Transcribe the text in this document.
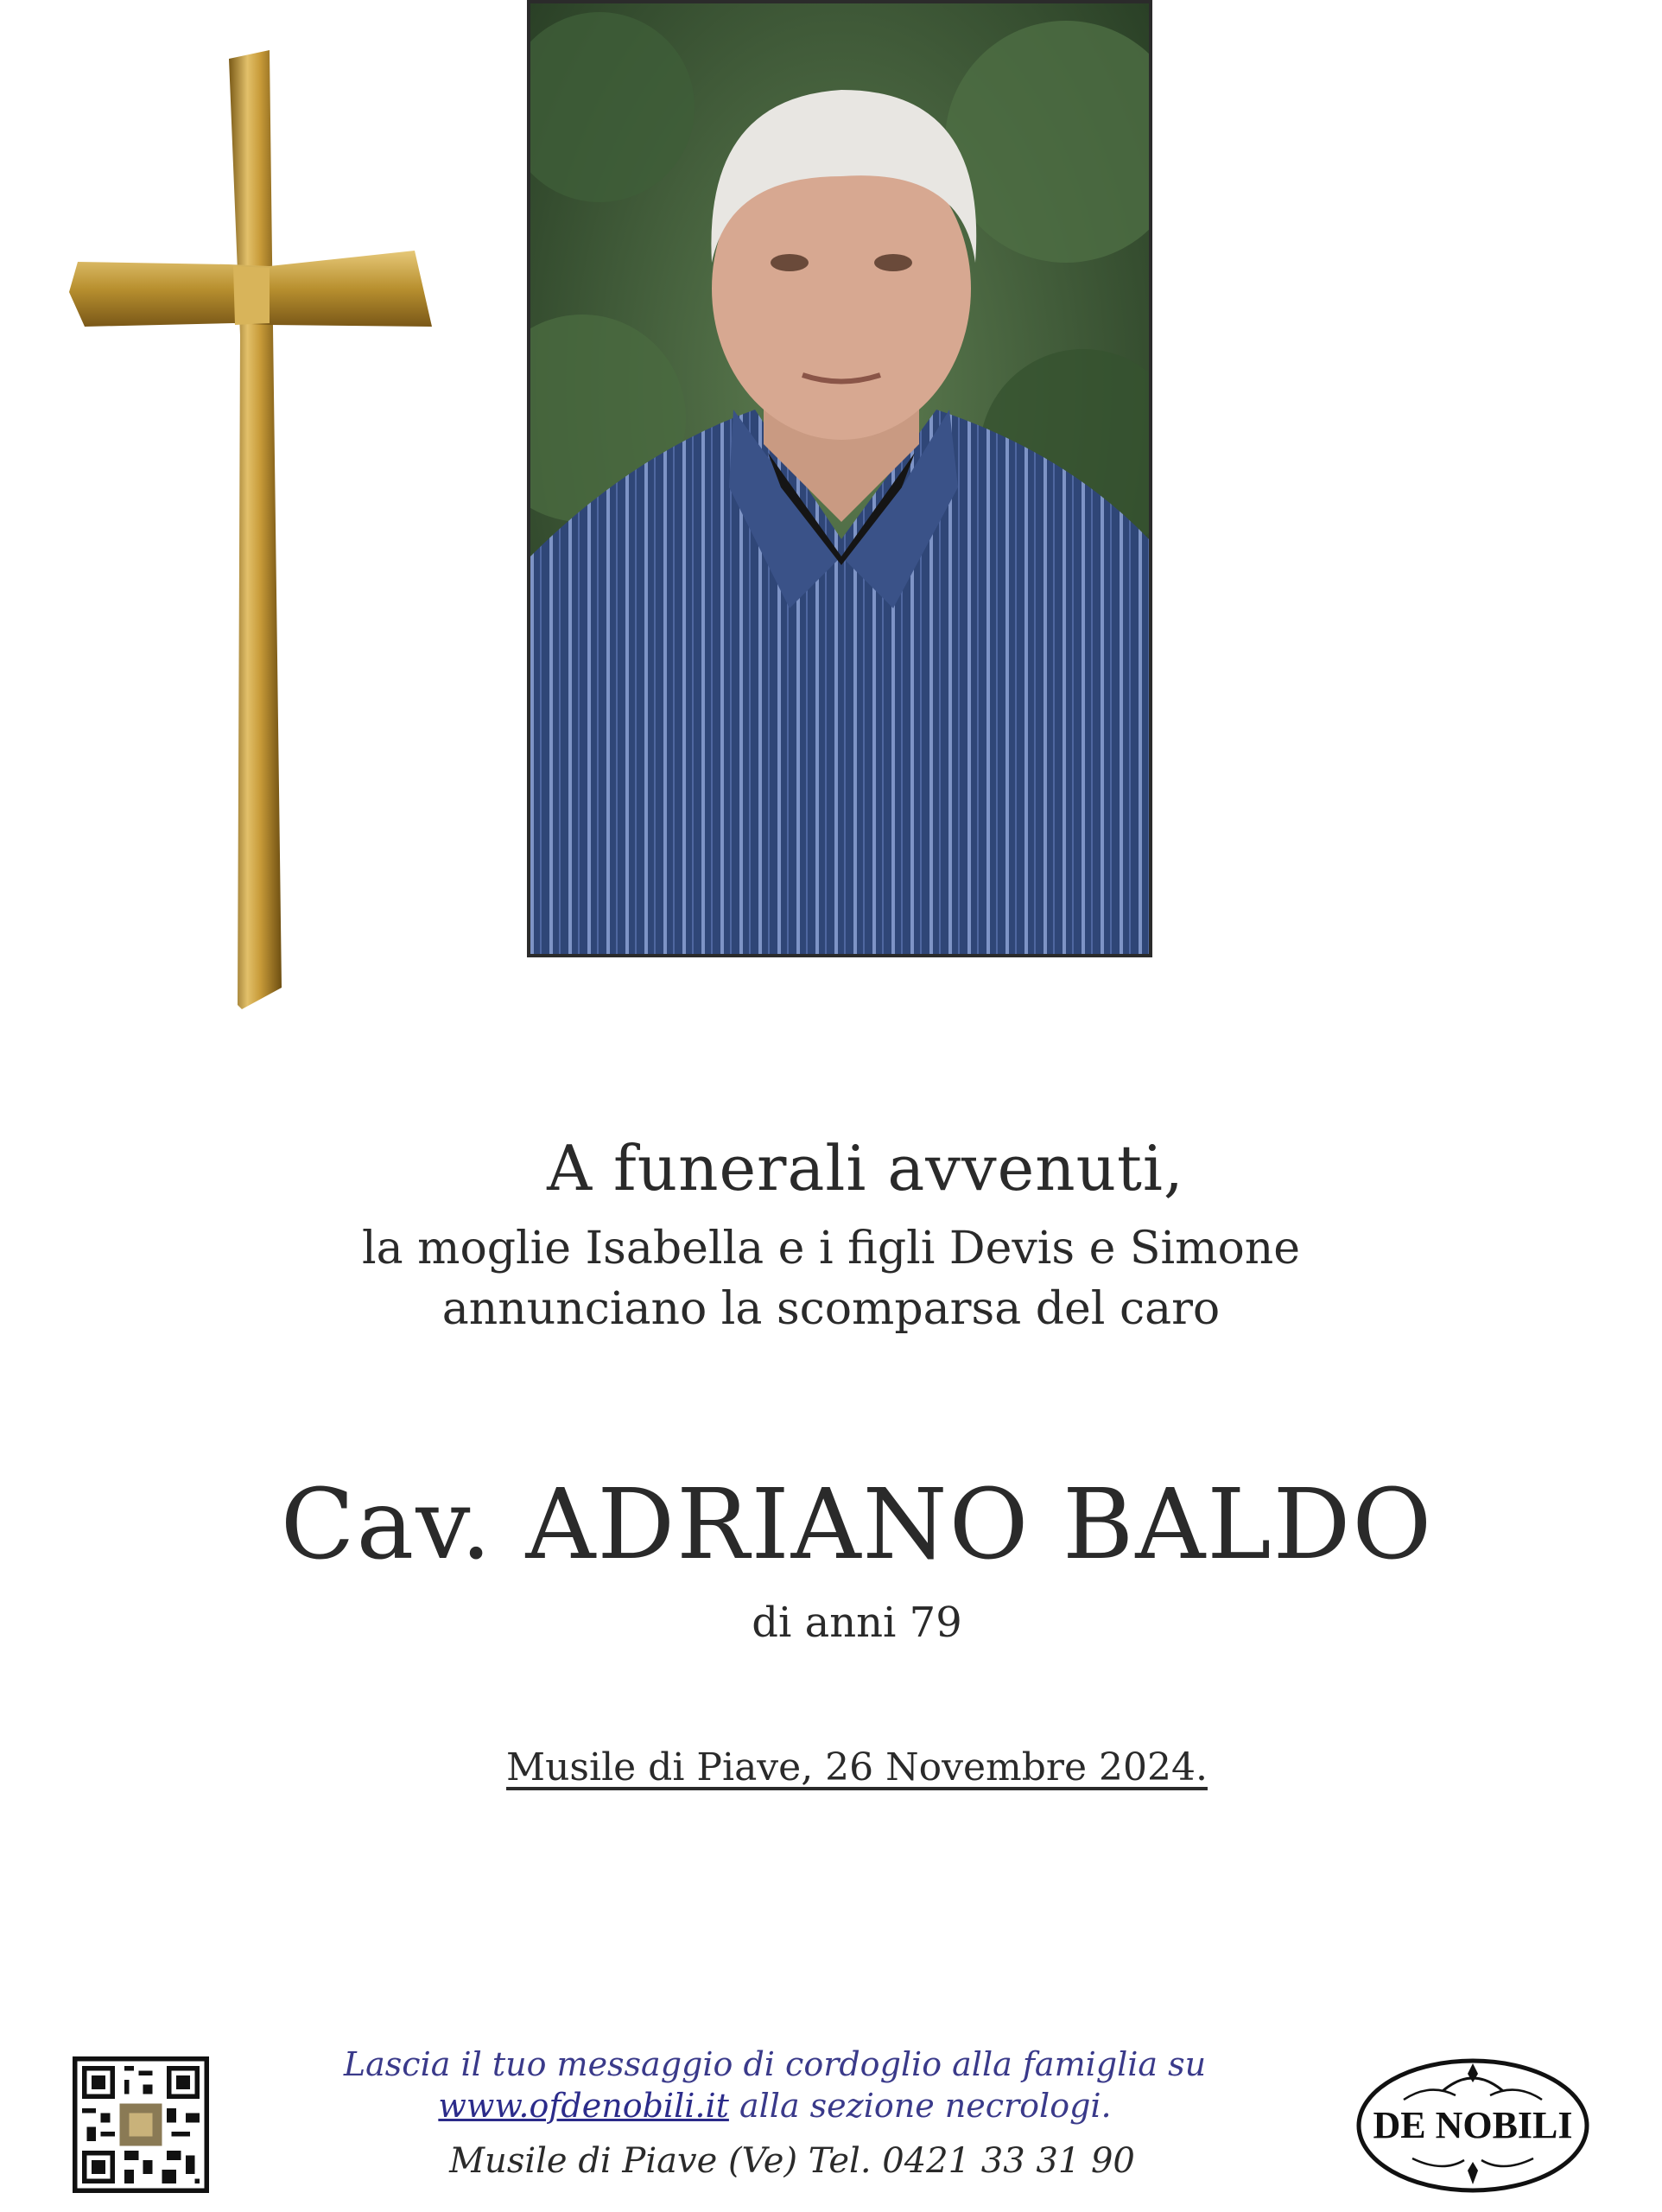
A funerali avvenuti,

la moglie Isabella e i figli Devis e Simone
annunciano la scomparsa del caro
Cav. ADRIANO BALDO

di anni 79

Musile di Piave, 26 Novembre 2024.

Lascia il tuo messaggio di cordoglio alla famiglia su
www.ofdenobili.it alla sezione necrologi.

Musile di Piave (Ve) Tel. 0421 33 31 90

DE NOBILI
